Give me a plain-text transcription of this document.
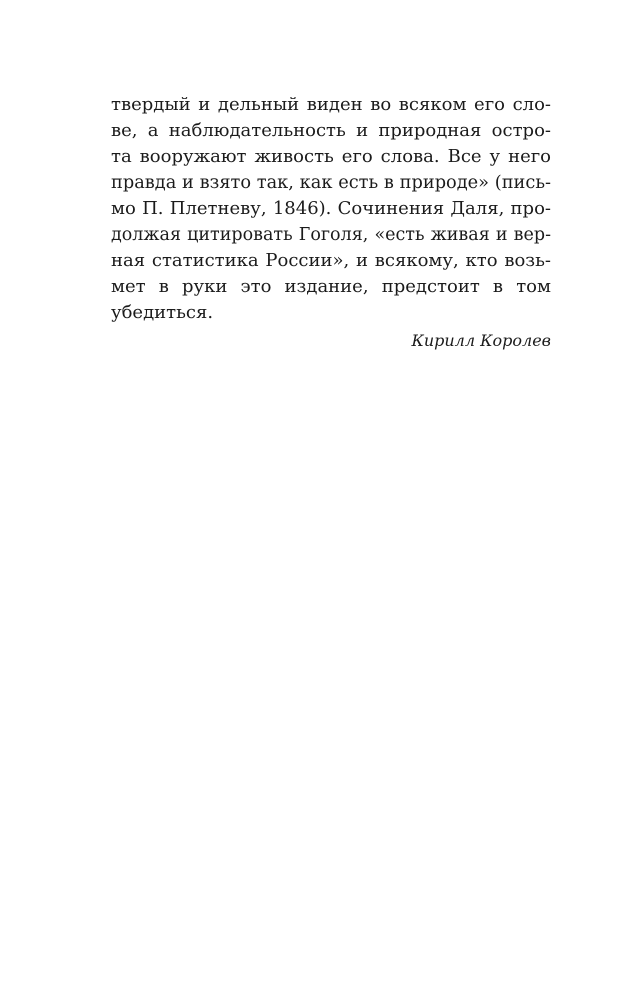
твердый и дельный виден во всяком его сло-
ве, а наблюдательность и природная остро-
та вооружают живость его слова. Все у него
правда и взято так, как есть в природе» (пись-
мо П. Плетневу, 1846). Сочинения Даля, про-
должая цитировать Гоголя, «есть живая и вер-
ная статистика России», и всякому, кто возь-
мет в руки это издание, предстоит в том
убедиться.
Кирилл Королев
